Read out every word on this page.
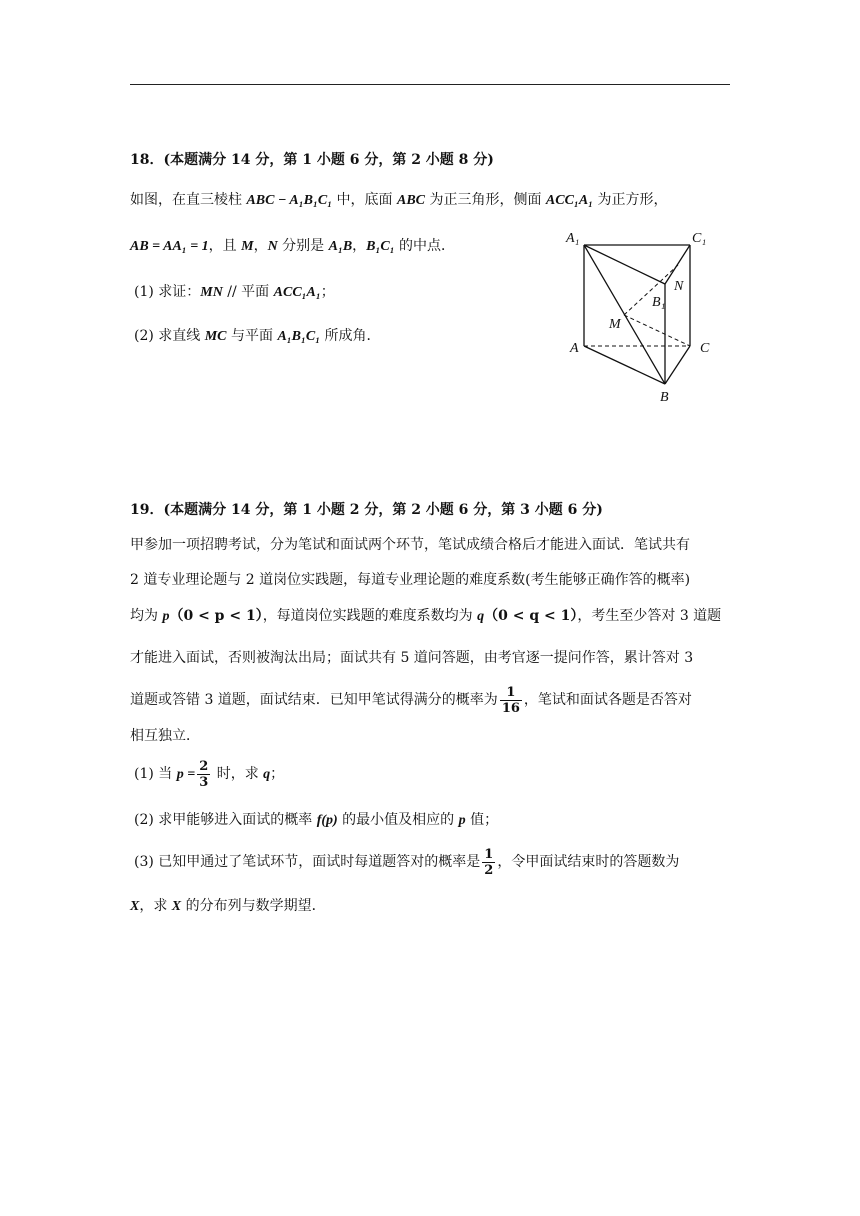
18．(本题满分 14 分，第 1 小题 6 分，第 2 小题 8 分)
如图，在直三棱柱 ABC − A₁B₁C₁ 中，底面 ABC 为正三角形，侧面 ACC₁A₁ 为正方形，
AB = AA₁ = 1，且 M，N 分别是 A₁B，B₁C₁ 的中点．
(1) 求证：MN // 平面 ACC₁A₁；
(2) 求直线 MC 与平面 A₁B₁C₁ 所成角．
A₁	C₁
B₁
N
M
A	C
B
19．(本题满分 14 分，第 1 小题 2 分，第 2 小题 6 分，第 3 小题 6 分)
甲参加一项招聘考试，分为笔试和面试两个环节，笔试成绩合格后才能进入面试．笔试共有
2 道专业理论题与 2 道岗位实践题，每道专业理论题的难度系数(考生能够正确作答的概率)
均为 p（0 < p < 1），每道岗位实践题的难度系数均为 q（0 < q < 1），考生至少答对 3 道题
才能进入面试，否则被淘汰出局；面试共有 5 道问答题，由考官逐一提问作答，累计答对 3
道题或答错 3 道题，面试结束．已知甲笔试得满分的概率为 $\frac{1}{16}$ ，笔试和面试各题是否答对
相互独立．
(1) 当 $p = \frac{2}{3}$ 时，求 q；
(2) 求甲能够进入面试的概率 f(p) 的最小值及相应的 p 值；
(3) 已知甲通过了笔试环节，面试时每道题答对的概率是 $\frac{1}{2}$ ，令甲面试结束时的答题数为
X，求 X 的分布列与数学期望．
